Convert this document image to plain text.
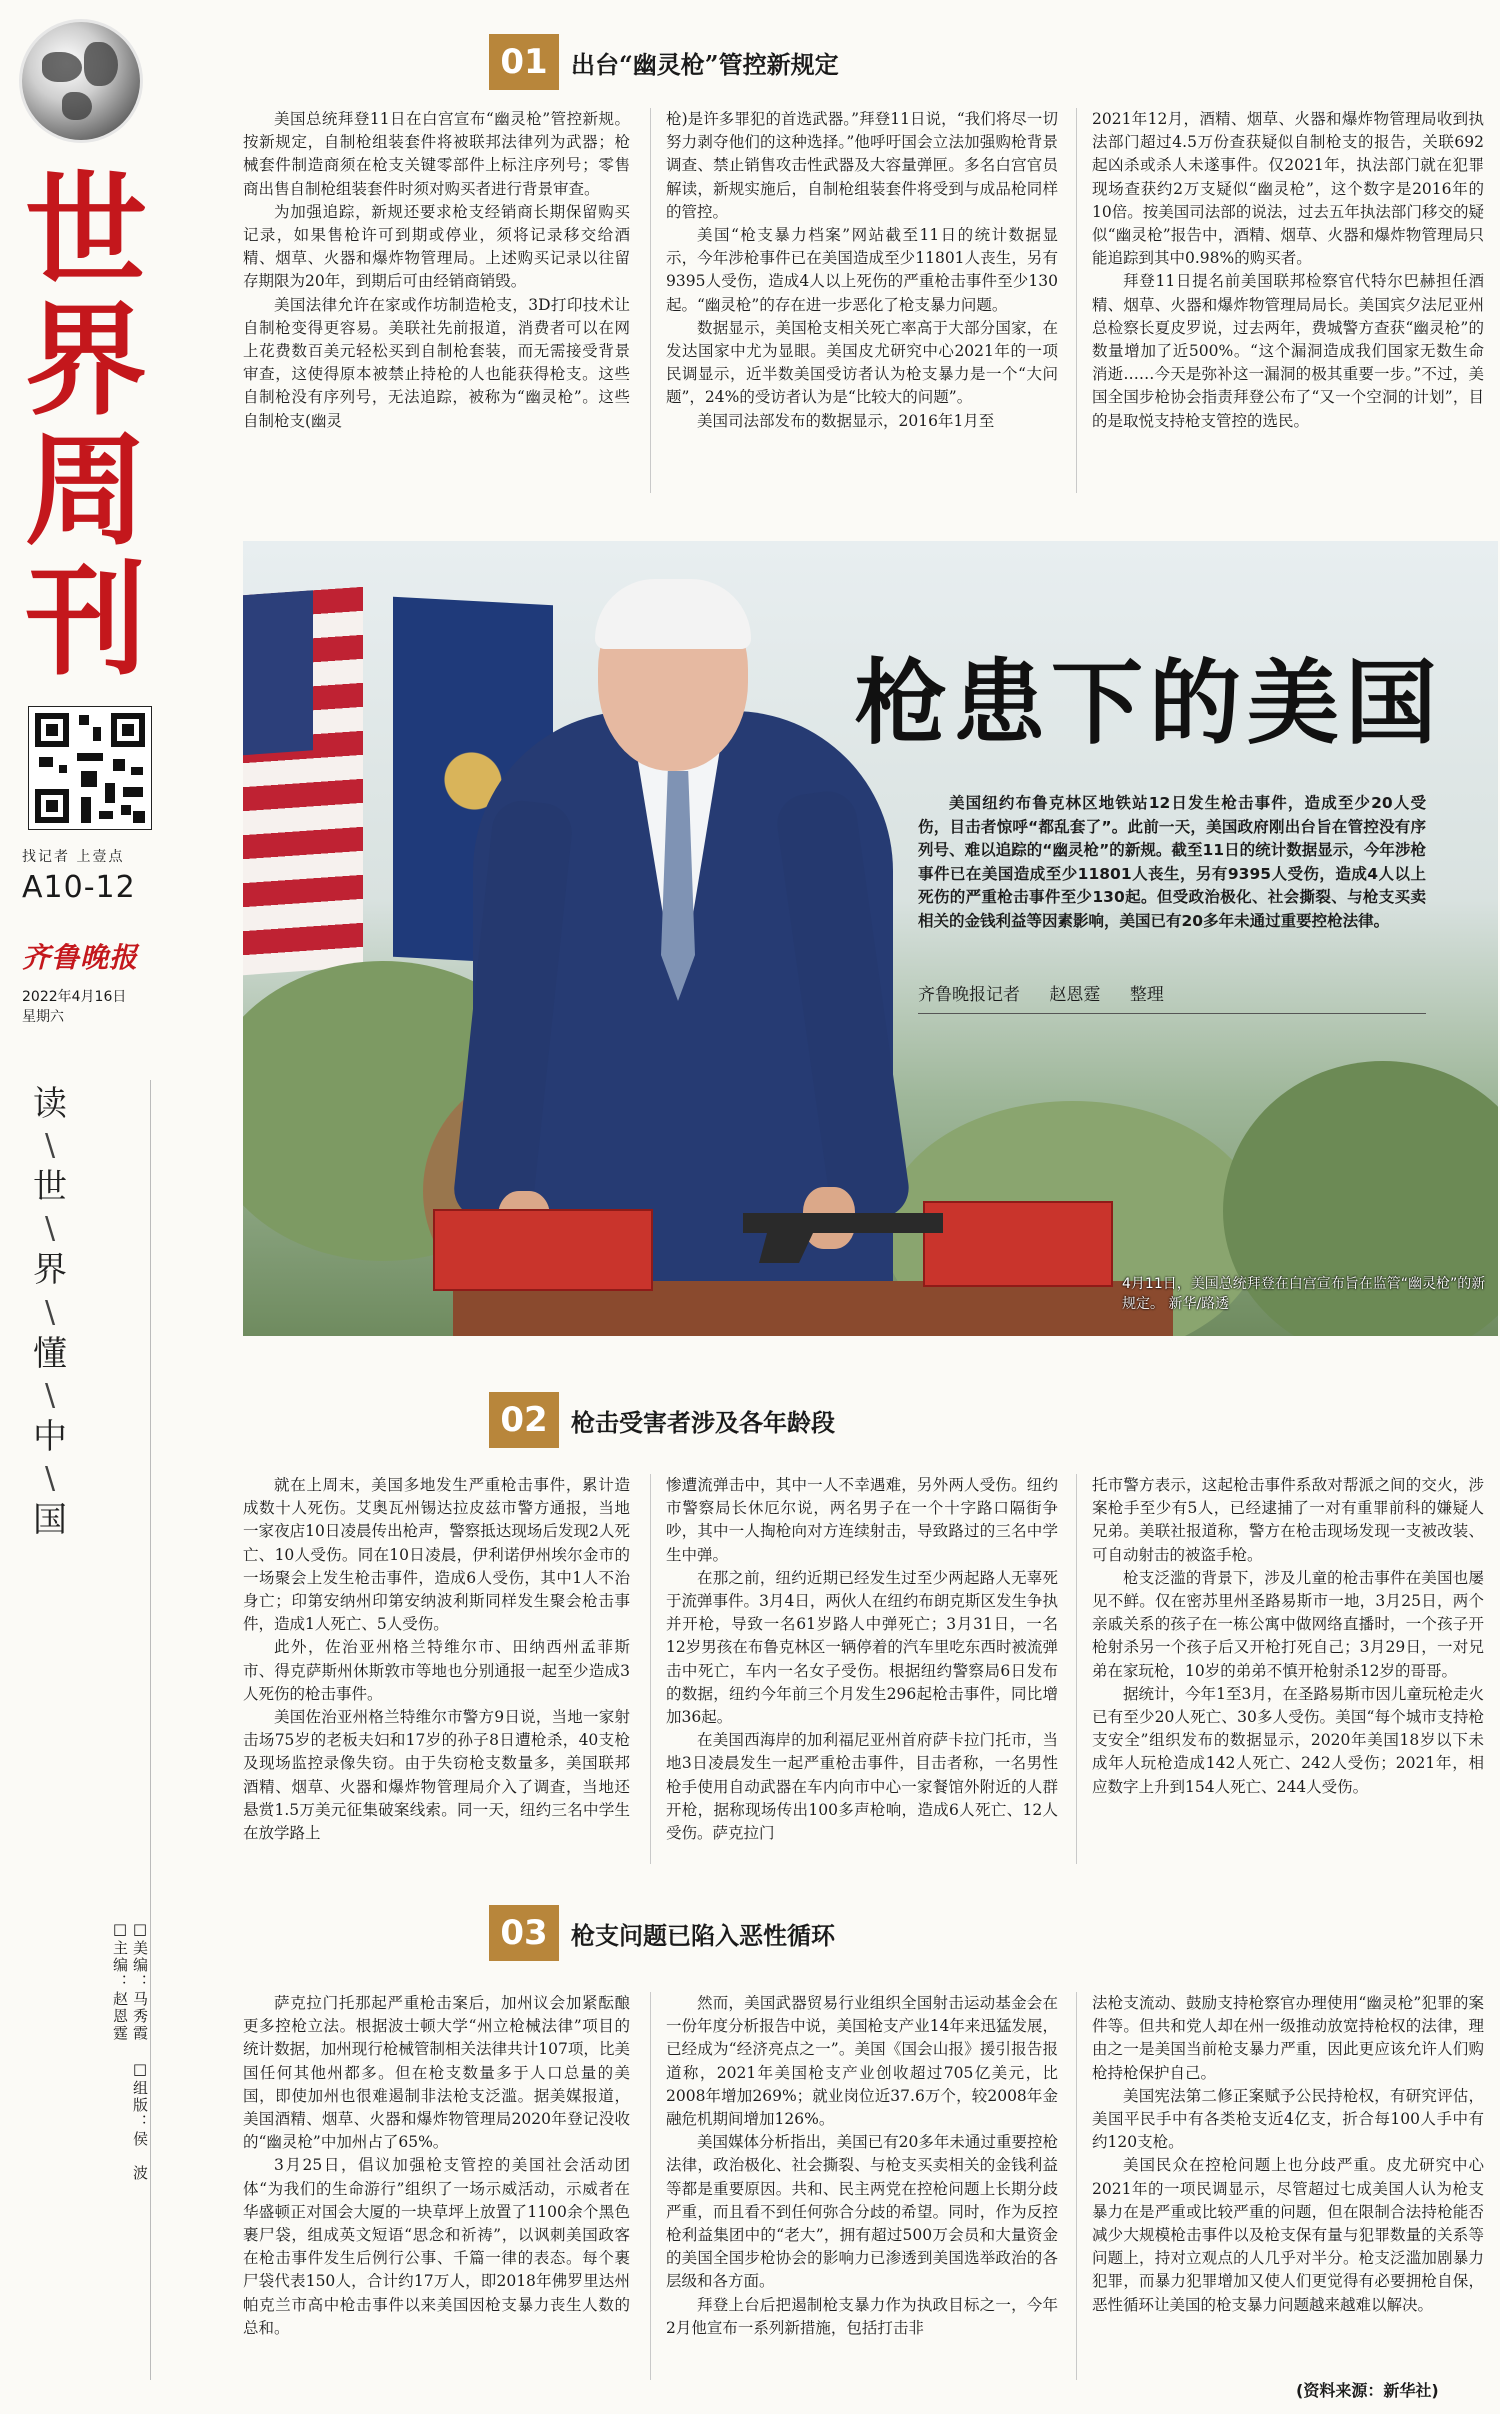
世
界
周
刊
找记者 上壹点
A10-12
齐鲁晚报
2022年4月16日
星期六
读
\
世
\
界
\
懂
\
中
\
国
□美编：马秀霞
□主编：赵恩霆
□组版：侯　波
01 出台“幽灵枪”管控新规定

美国总统拜登11日在白宫宣布“幽灵枪”管控新规。按新规定，自制枪组装套件将被联邦法律列为武器；枪械套件制造商须在枪支关键零部件上标注序列号；零售商出售自制枪组装套件时须对购买者进行背景审查。

为加强追踪，新规还要求枪支经销商长期保留购买记录，如果售枪许可到期或停业，须将记录移交给酒精、烟草、火器和爆炸物管理局。上述购买记录以往留存期限为20年，到期后可由经销商销毁。

美国法律允许在家或作坊制造枪支，3D打印技术让自制枪变得更容易。美联社先前报道，消费者可以在网上花费数百美元轻松买到自制枪套装，而无需接受背景审查，这使得原本被禁止持枪的人也能获得枪支。这些自制枪没有序列号，无法追踪，被称为“幽灵枪”。这些自制枪支(幽灵

枪)是许多罪犯的首选武器。”拜登11日说，“我们将尽一切努力剥夺他们的这种选择。”他呼吁国会立法加强购枪背景调查、禁止销售攻击性武器及大容量弹匣。多名白宫官员解读，新规实施后，自制枪组装套件将受到与成品枪同样的管控。

美国“枪支暴力档案”网站截至11日的统计数据显示，今年涉枪事件已在美国造成至少11801人丧生，另有9395人受伤，造成4人以上死伤的严重枪击事件至少130起。“幽灵枪”的存在进一步恶化了枪支暴力问题。

数据显示，美国枪支相关死亡率高于大部分国家，在发达国家中尤为显眼。美国皮尤研究中心2021年的一项民调显示，近半数美国受访者认为枪支暴力是一个“大问题”，24%的受访者认为是“比较大的问题”。

美国司法部发布的数据显示，2016年1月至

2021年12月，酒精、烟草、火器和爆炸物管理局收到执法部门超过4.5万份查获疑似自制枪支的报告，关联692起凶杀或杀人未遂事件。仅2021年，执法部门就在犯罪现场查获约2万支疑似“幽灵枪”，这个数字是2016年的10倍。按美国司法部的说法，过去五年执法部门移交的疑似“幽灵枪”报告中，酒精、烟草、火器和爆炸物管理局只能追踪到其中0.98%的购买者。

拜登11日提名前美国联邦检察官代特尔巴赫担任酒精、烟草、火器和爆炸物管理局局长。美国宾夕法尼亚州总检察长夏皮罗说，过去两年，费城警方查获“幽灵枪”的数量增加了近500%。“这个漏洞造成我们国家无数生命消逝……今天是弥补这一漏洞的极其重要一步。”不过，美国全国步枪协会指责拜登公布了“又一个空洞的计划”，目的是取悦支持枪支管控的选民。

枪患下的美国
美国纽约布鲁克林区地铁站12日发生枪击事件，造成至少20人受伤，目击者惊呼“都乱套了”。此前一天，美国政府刚出台旨在管控没有序列号、难以追踪的“幽灵枪”的新规。截至11日的统计数据显示，今年涉枪事件已在美国造成至少11801人丧生，另有9395人受伤，造成4人以上死伤的严重枪击事件至少130起。但受政治极化、社会撕裂、与枪支买卖相关的金钱利益等因素影响，美国已有20多年未通过重要控枪法律。
齐鲁晚报记者 赵恩霆 整理
4月11日，美国总统拜登在白宫宣布旨在监管“幽灵枪”的新规定。 新华/路透
02 枪击受害者涉及各年龄段

就在上周末，美国多地发生严重枪击事件，累计造成数十人死伤。艾奥瓦州锡达拉皮兹市警方通报，当地一家夜店10日凌晨传出枪声，警察抵达现场后发现2人死亡、10人受伤。同在10日凌晨，伊利诺伊州埃尔金市的一场聚会上发生枪击事件，造成6人受伤，其中1人不治身亡；印第安纳州印第安纳波利斯同样发生聚会枪击事件，造成1人死亡、5人受伤。

此外，佐治亚州格兰特维尔市、田纳西州孟菲斯市、得克萨斯州休斯敦市等地也分别通报一起至少造成3人死伤的枪击事件。

美国佐治亚州格兰特维尔市警方9日说，当地一家射击场75岁的老板夫妇和17岁的孙子8日遭枪杀，40支枪及现场监控录像失窃。由于失窃枪支数量多，美国联邦酒精、烟草、火器和爆炸物管理局介入了调查，当地还悬赏1.5万美元征集破案线索。同一天，纽约三名中学生在放学路上

惨遭流弹击中，其中一人不幸遇难，另外两人受伤。纽约市警察局长休厄尔说，两名男子在一个十字路口隔街争吵，其中一人掏枪向对方连续射击，导致路过的三名中学生中弹。

在那之前，纽约近期已经发生过至少两起路人无辜死于流弹事件。3月4日，两伙人在纽约布朗克斯区发生争执并开枪，导致一名61岁路人中弹死亡；3月31日，一名12岁男孩在布鲁克林区一辆停着的汽车里吃东西时被流弹击中死亡，车内一名女子受伤。根据纽约警察局6日发布的数据，纽约今年前三个月发生296起枪击事件，同比增加36起。

在美国西海岸的加利福尼亚州首府萨卡拉门托市，当地3日凌晨发生一起严重枪击事件，目击者称，一名男性枪手使用自动武器在车内向市中心一家餐馆外附近的人群开枪，据称现场传出100多声枪响，造成6人死亡、12人受伤。萨克拉门

托市警方表示，这起枪击事件系敌对帮派之间的交火，涉案枪手至少有5人，已经逮捕了一对有重罪前科的嫌疑人兄弟。美联社报道称，警方在枪击现场发现一支被改装、可自动射击的被盗手枪。

枪支泛滥的背景下，涉及儿童的枪击事件在美国也屡见不鲜。仅在密苏里州圣路易斯市一地，3月25日，两个亲戚关系的孩子在一栋公寓中做网络直播时，一个孩子开枪射杀另一个孩子后又开枪打死自己；3月29日，一对兄弟在家玩枪，10岁的弟弟不慎开枪射杀12岁的哥哥。

据统计，今年1至3月，在圣路易斯市因儿童玩枪走火已有至少20人死亡、30多人受伤。美国“每个城市支持枪支安全”组织发布的数据显示，2020年美国18岁以下未成年人玩枪造成142人死亡、242人受伤；2021年，相应数字上升到154人死亡、244人受伤。

03 枪支问题已陷入恶性循环

萨克拉门托那起严重枪击案后，加州议会加紧酝酿更多控枪立法。根据波士顿大学“州立枪械法律”项目的统计数据，加州现行枪械管制相关法律共计107项，比美国任何其他州都多。但在枪支数量多于人口总量的美国，即使加州也很难遏制非法枪支泛滥。据美媒报道，美国酒精、烟草、火器和爆炸物管理局2020年登记没收的“幽灵枪”中加州占了65%。

3月25日，倡议加强枪支管控的美国社会活动团体“为我们的生命游行”组织了一场示威活动，示威者在华盛顿正对国会大厦的一块草坪上放置了1100余个黑色裹尸袋，组成英文短语“思念和祈祷”，以讽刺美国政客在枪击事件发生后例行公事、千篇一律的表态。每个裹尸袋代表150人，合计约17万人，即2018年佛罗里达州帕克兰市高中枪击事件以来美国因枪支暴力丧生人数的总和。

然而，美国武器贸易行业组织全国射击运动基金会在一份年度分析报告中说，美国枪支产业14年来迅猛发展，已经成为“经济亮点之一”。美国《国会山报》援引报告报道称，2021年美国枪支产业创收超过705亿美元，比2008年增加269%；就业岗位近37.6万个，较2008年金融危机期间增加126%。

美国媒体分析指出，美国已有20多年未通过重要控枪法律，政治极化、社会撕裂、与枪支买卖相关的金钱利益等都是重要原因。共和、民主两党在控枪问题上长期分歧严重，而且看不到任何弥合分歧的希望。同时，作为反控枪利益集团中的“老大”，拥有超过500万会员和大量资金的美国全国步枪协会的影响力已渗透到美国选举政治的各层级和各方面。

拜登上台后把遏制枪支暴力作为执政目标之一，今年2月他宣布一系列新措施，包括打击非

法枪支流动、鼓励支持枪察官办理使用“幽灵枪”犯罪的案件等。但共和党人却在州一级推动放宽持枪权的法律，理由之一是美国当前枪支暴力严重，因此更应该允许人们购枪持枪保护自己。

美国宪法第二修正案赋予公民持枪权，有研究评估，美国平民手中有各类枪支近4亿支，折合每100人手中有约120支枪。

美国民众在控枪问题上也分歧严重。皮尤研究中心2021年的一项民调显示，尽管超过七成美国人认为枪支暴力在是严重或比较严重的问题，但在限制合法持枪能否减少大规模枪击事件以及枪支保有量与犯罪数量的关系等问题上，持对立观点的人几乎对半分。枪支泛滥加剧暴力犯罪，而暴力犯罪增加又使人们更觉得有必要拥枪自保，恶性循环让美国的枪支暴力问题越来越难以解决。

(资料来源：新华社)
